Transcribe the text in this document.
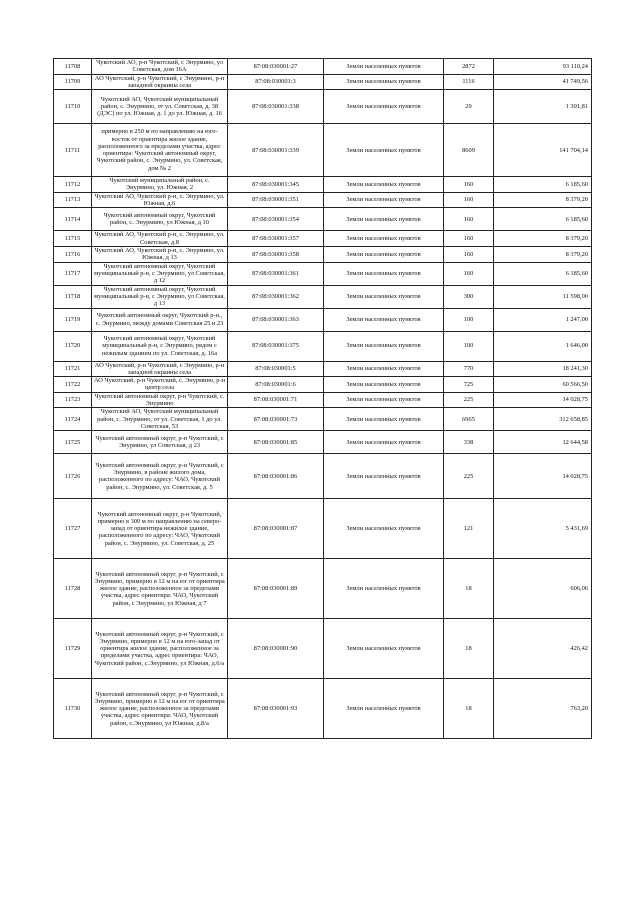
11708	Чукотский АО, р-н Чукотский, с Энурмино, ул Советская, дом 16А	87:08:030001:27	Земли населенных пунктов	2872	93 110,24
11709	АО Чукотский, р-н Чукотский, с Энурмино, р-н западной окраины села	87:08:030001:3	Земли населенных пунктов	1116	41 749,56
11710	Чукотский АО, Чукотский муниципальный район, с. Энурмино, от ул. Советская, д. 38 (ДЭС) по ул. Южная, д. 1 до ул. Южная, д. 16	87:08:030001:338	Земли населенных пунктов	29	1 301,81
11711	примерно в 250 м по направлению на юго-восток от ориентира жилое здание, расположенного за пределами участка, адрес ориентира: Чукотский автономный округ, Чукотский район, с. Энурмино, ул. Советская, дом № 2	87:08:030001:339	Земли населенных пунктов	8609	141 704,14
11712	Чукотский муниципальный район, с. Энурмино, ул. Южная, 2	87:08:030001:345	Земли населенных пунктов	160	6 185,60
11713	Чукотский АО, Чукотский р-н, с. Энурмино, ул. Южная, д.6	87:08:030001:351	Земли населенных пунктов	160	8 379,20
11714	Чукотский автономный округ, Чукотский район, с. Энурмино, ул Южная, д 10	87:08:030001:354	Земли населенных пунктов	160	6 185,60
11715	Чукотский АО, Чукотский р-н, с. Энурмино, ул. Советская, д.8	87:08:030001:357	Земли населенных пунктов	160	8 379,20
11716	Чукотский АО, Чукотский р-н, с. Энурмино, ул. Южная, д 13	87:08:030001:358	Земли населенных пунктов	160	8 379,20
11717	Чукотский автономный округ, Чукотский муниципальный р-н, с Энурмино, ул Советская, д 12	87:08:030001:361	Земли населенных пунктов	160	6 185,60
11718	Чукотский автономный округ, Чукотский муниципальный р-н, с Энурмино, ул Советская, д 13	87:08:030001:362	Земли населенных пунктов	300	11 598,00
11719	Чукотский автономный округ, Чукотский р-н., с. Энурмино, между домами Советская 25 и 23	87:08:030001:363	Земли населенных пунктов	100	1 247,00
11720	Чукотский автономный округ, Чукотский муниципальный р-н, с Энурмино, рядом с нежилым зданием по ул. Советская, д. 16а	87:08:030001:375	Земли населенных пунктов	100	1 646,00
11721	АО Чукотский, р-н Чукотский, с Энурмино, р-н западной окраины села	87:08:030001:5	Земли населенных пунктов	770	18 241,30
11722	АО Чукотский, р-н Чукотский, с. Энурмино, р-н центр села	87:08:030001:6	Земли населенных пунктов	725	60 566,50
11723	Чукотский автономный округ, р-н Чукотский, с. Энурмино	87:08:030001:71	Земли населенных пунктов	225	14 028,75
11724	Чукотский АО, Чукотский муниципальный район, с. Энурмино, от ул. Советская, 1 до ул. Советская, 53	87:08:030001:73	Земли населенных пунктов	6965	312 658,85
11725	Чукотский автономный округ, р-н Чукотский, с Энурмино, ул Советская, д 23	87:08:030001:85	Земли населенных пунктов	338	12 644,58
11726	Чукотский автономный округ, р-н Чукотский, с Энурмино, в районе жилого дома, расположенного по адресу: ЧАО, Чукотский район, с. Энурмино, ул. Советская, д. 5	87:08:030001:86	Земли населенных пунктов	225	14 028,75
11727	Чукотский автономный округ, р-н Чукотский, примерно в 300 м по направлению на северо-запад от ориентира нежилое здание, расположенного по адресу: ЧАО, Чукотский район, с. Энурмино, ул. Советская, д. 25	87:08:030001:87	Земли населенных пунктов	121	5 431,69
11728	Чукотский автономный округ, р-н Чукотский, с Энурмино, примерно в 12 м на юг от ориентира жилое здание, расположенное за пределами участка, адрес ориентира: ЧАО, Чукотский район, с Энурмино, ул Южная, д 7	87:08:030001:89	Земли населенных пунктов	18	606,06
11729	Чукотский автономный округ, р-н Чукотский, с Энурмино, примерно в 12 м на юго-запад от ориентира жилое здание, расположенное за пределами участка, адрес ориентира: ЧАО, Чукотский район, с.Энурмино, ул Южная, д.6/а	87:08:030001:90	Земли населенных пунктов	18	426,42
11730	Чукотский автономный округ, р-н Чукотский, с Энурмино, примерно в 12 м на юг от ориентира жилое здание, расположенное за пределами участка, адрес ориентира: ЧАО, Чукотский район, с.Энурмино, ул Южная, д.8/а	87:08:030001:93	Земли населенных пунктов	18	763,20
